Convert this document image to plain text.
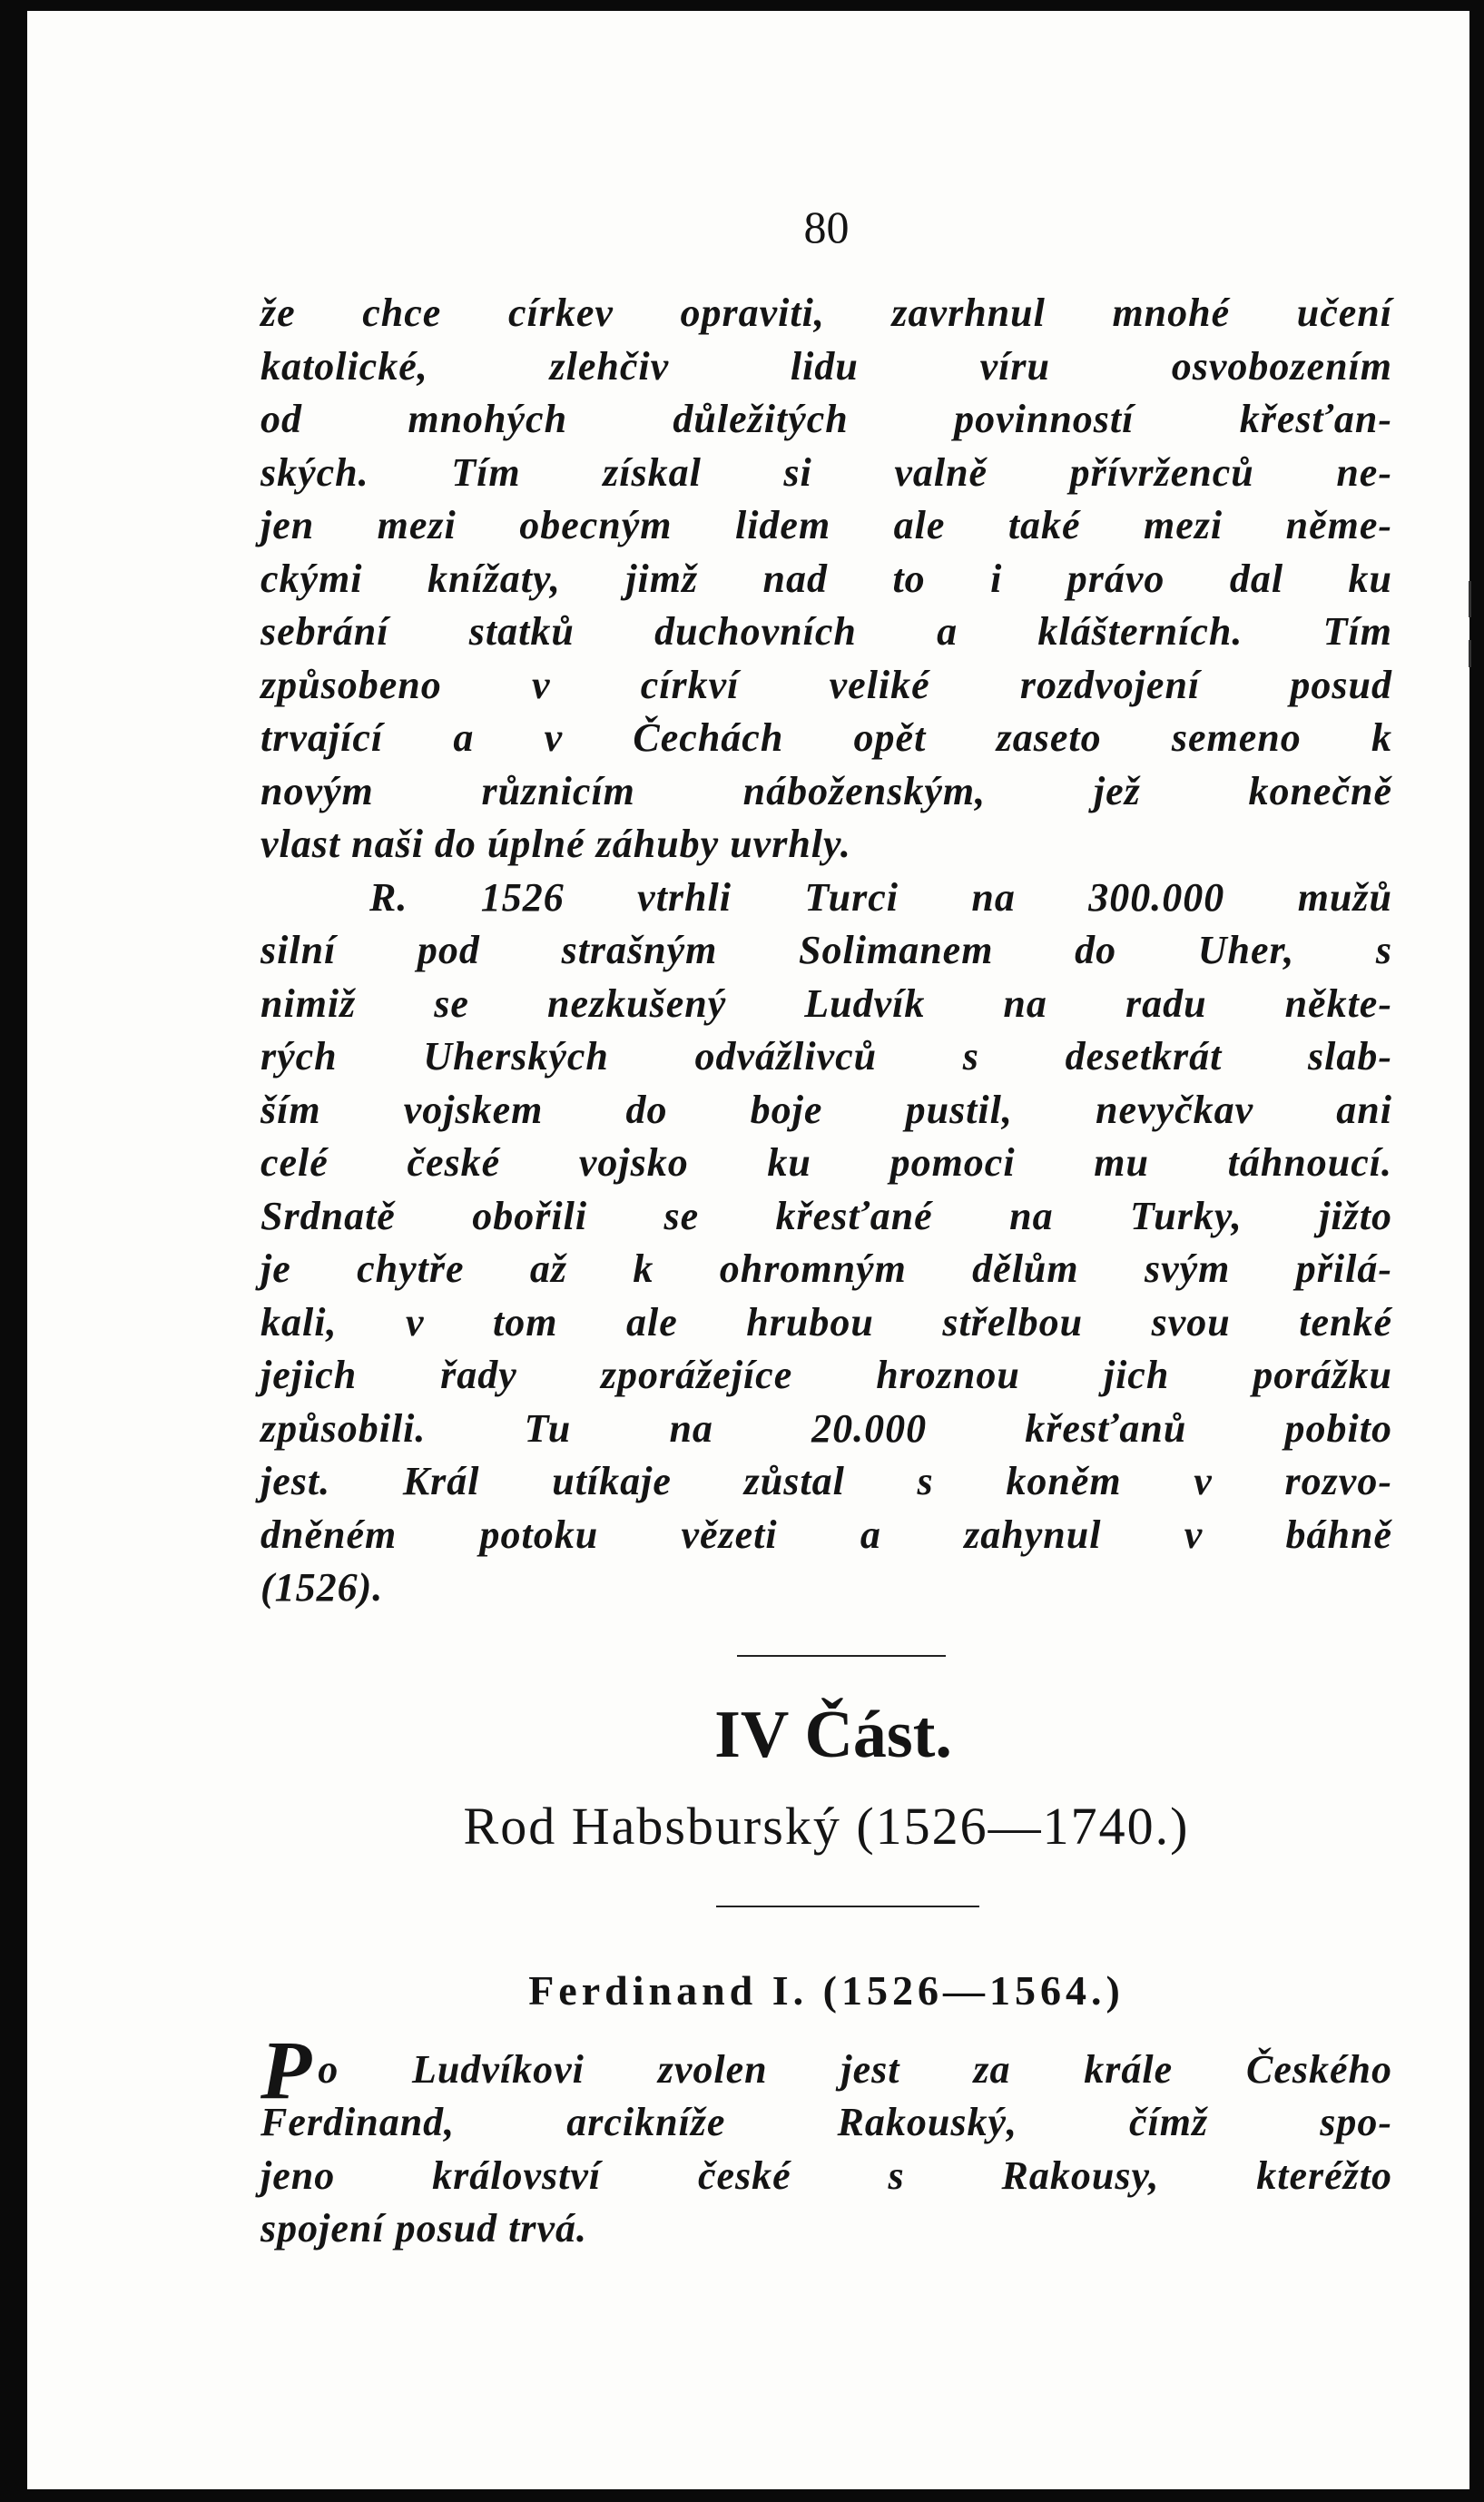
80
že chce církev opraviti, zavrhnul mnohé učení
katolické, zlehčiv lidu víru osvobozením
od mnohých důležitých povinností křesťan-
ských. Tím získal si valně přívrženců ne-
jen mezi obecným lidem ale také mezi něme-
ckými knížaty, jimž nad to i právo dal ku
sebrání statků duchovních a klášterních. Tím
způsobeno v církví veliké rozdvojení posud
trvající a v Čechách opět zaseto semeno k
novým různicím náboženským, jež konečně
vlast naši do úplné záhuby uvrhly.
R. 1526 vtrhli Turci na 300.000 mužů
silní pod strašným Solimanem do Uher, s
nimiž se nezkušený Ludvík na radu někte-
rých Uherských odvážlivců s desetkrát slab-
ším vojskem do boje pustil, nevyčkav ani
celé české vojsko ku pomoci mu táhnoucí.
Srdnatě obořili se křesťané na Turky, jižto
je chytře až k ohromným dělům svým přilá-
kali, v tom ale hrubou střelbou svou tenké
jejich řady zporážejíce hroznou jich porážku
způsobili. Tu na 20.000 křesťanů pobito
jest. Král utíkaje zůstal s koněm v rozvo-
dněném potoku vězeti a zahynul v báhně
(1526).
IV Část.
Rod Habsburský (1526—1740.)
Ferdinand I. (1526—1564.)
Po Ludvíkovi zvolen jest za krále Českého
Ferdinand, arcikníže Rakouský, čímž spo-
jeno království české s Rakousy, kteréžto
spojení posud trvá.
